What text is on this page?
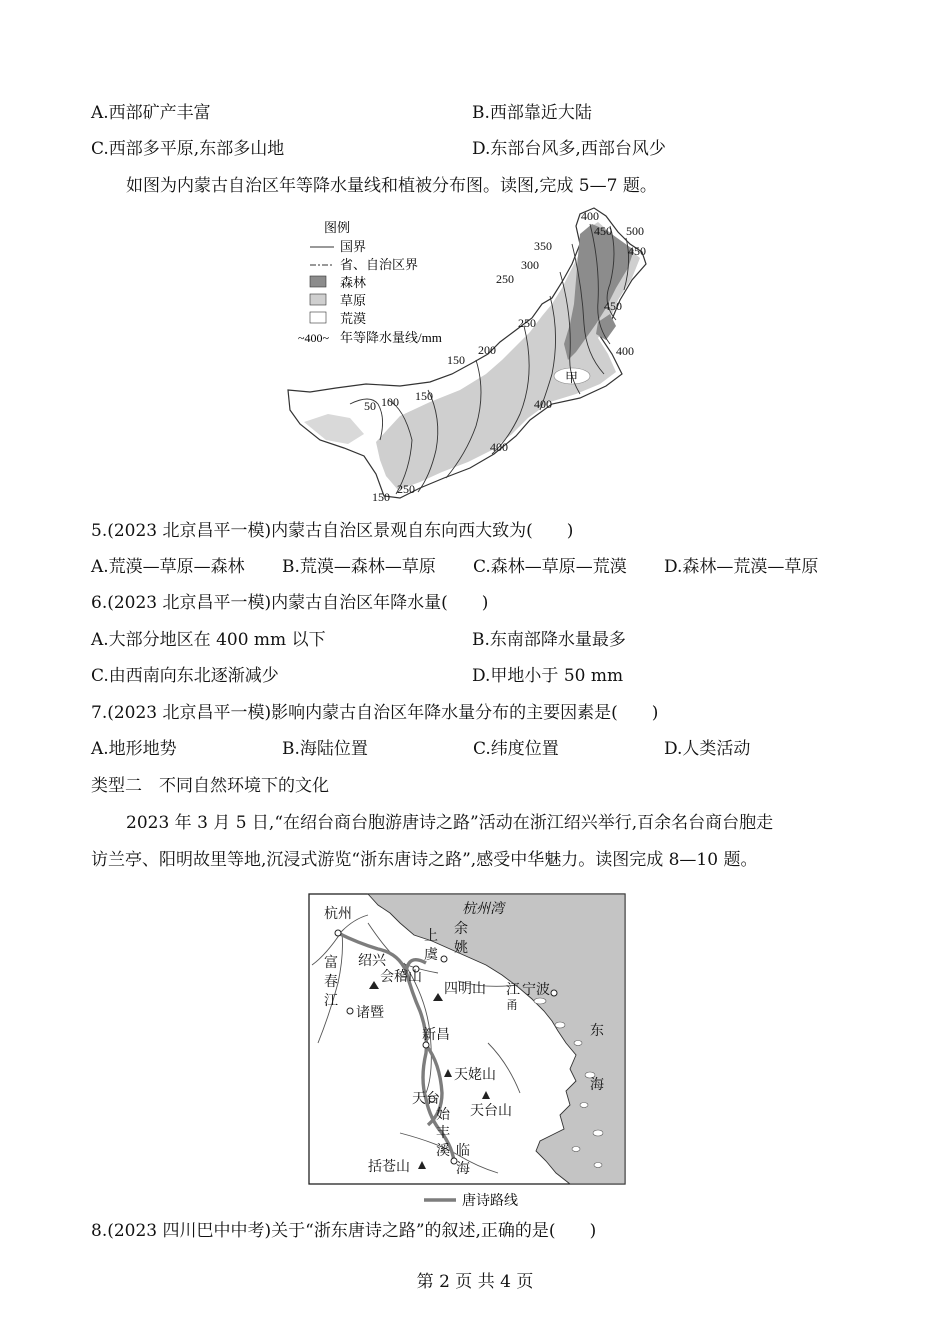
A.西部矿产丰富	B.西部靠近大陆
C.西部多平原,东部多山地	D.东部台风多,西部台风少
如图为内蒙古自治区年等降水量线和植被分布图。读图,完成 5—7 题。
图例
国界
省、自治区界
森林
草原
荒漠
~400~ 年等降水量线/mm
400
450 500
450
350
300
250
450
250
400
200
150
甲
50 100 150
400
400
150
250
5.(2023 北京昌平一模)内蒙古自治区景观自东向西大致为(　　)
A.荒漠—草原—森林 B.荒漠—森林—草原 C.森林—草原—荒漠 D.森林—荒漠—草原
6.(2023 北京昌平一模)内蒙古自治区年降水量(　　)
A.大部分地区在 400 mm 以下	B.东南部降水量最多
C.由西南向东北逐渐减少	D.甲地小于 50 mm
7.(2023 北京昌平一模)影响内蒙古自治区年降水量分布的主要因素是(　　)
A.地形地势	B.海陆位置	C.纬度位置	D.人类活动
类型二　不同自然环境下的文化
2023 年 3 月 5 日,“在绍台商台胞游唐诗之路”活动在浙江绍兴举行,百余名台商台胞走
访兰亭、阳明故里等地,沉浸式游览“浙东唐诗之路”,感受中华魅力。读图完成 8—10 题。
杭州	杭州湾
富
春
江
绍兴
上
虞
余
姚
会稽山
四明山 江
甬
宁波
诸暨
新昌	东
海
天姥山
天 台
天台山
始
丰
溪 临
海
括苍山
唐诗路线
8.(2023 四川巴中中考)关于“浙东唐诗之路”的叙述,正确的是(　　)
第 2 页 共 4 页
